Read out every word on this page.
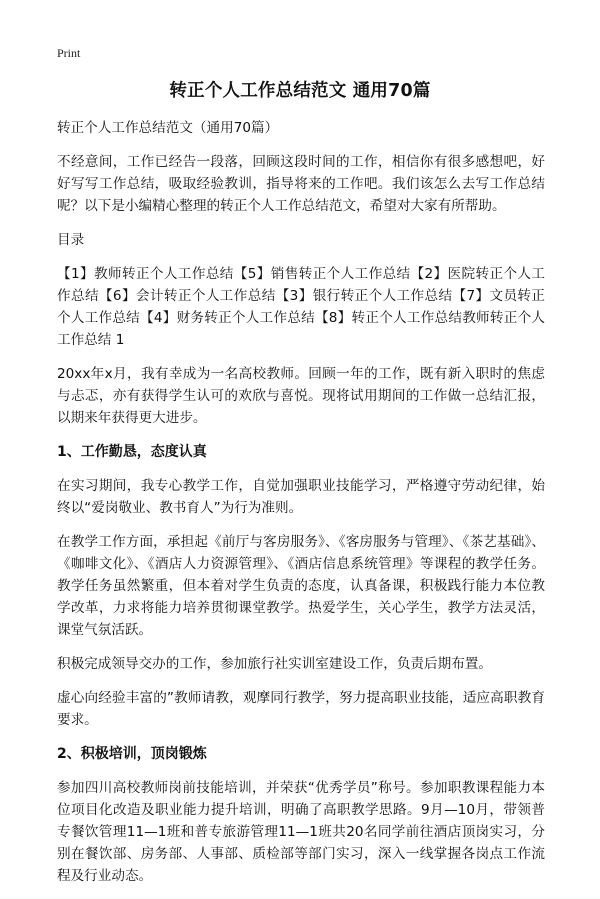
Print
转正个人工作总结范文 通用70篇

转正个人工作总结范文（通用70篇）

不经意间，工作已经告一段落，回顾这段时间的工作，相信你有很多感想吧，好好写写工作总结，吸取经验教训，指导将来的工作吧。我们该怎么去写工作总结呢？以下是小编精心整理的转正个人工作总结范文，希望对大家有所帮助。

目录

【1】教师转正个人工作总结【5】销售转正个人工作总结【2】医院转正个人工作总结【6】会计转正个人工作总结【3】银行转正个人工作总结【7】文员转正个人工作总结【4】财务转正个人工作总结【8】转正个人工作总结教师转正个人工作总结 1

20xx年x月，我有幸成为一名高校教师。回顾一年的工作，既有新入职时的焦虑与忐忑，亦有获得学生认可的欢欣与喜悦。现将试用期间的工作做一总结汇报，以期来年获得更大进步。

1、工作勤恳，态度认真

在实习期间，我专心教学工作，自觉加强职业技能学习，严格遵守劳动纪律，始终以“爱岗敬业、教书育人”为行为准则。

在教学工作方面，承担起《前厅与客房服务》、《客房服务与管理》、《茶艺基础》、《咖啡文化》、《酒店人力资源管理》、《酒店信息系统管理》等课程的教学任务。教学任务虽然繁重，但本着对学生负责的态度，认真备课，积极践行能力本位教学改革，力求将能力培养贯彻课堂教学。热爱学生，关心学生，教学方法灵活，课堂气氛活跃。

积极完成领导交办的工作，参加旅行社实训室建设工作，负责后期布置。

虚心向经验丰富的”教师请教，观摩同行教学，努力提高职业技能，适应高职教育要求。

2、积极培训，顶岗锻炼

参加四川高校教师岗前技能培训，并荣获“优秀学员”称号。参加职教课程能力本位项目化改造及职业能力提升培训，明确了高职教学思路。9月—10月，带领普专餐饮管理11—1班和普专旅游管理11—1班共20名同学前往酒店顶岗实习，分别在餐饮部、房务部、人事部、质检部等部门实习，深入一线掌握各岗点工作流程及行业动态。
